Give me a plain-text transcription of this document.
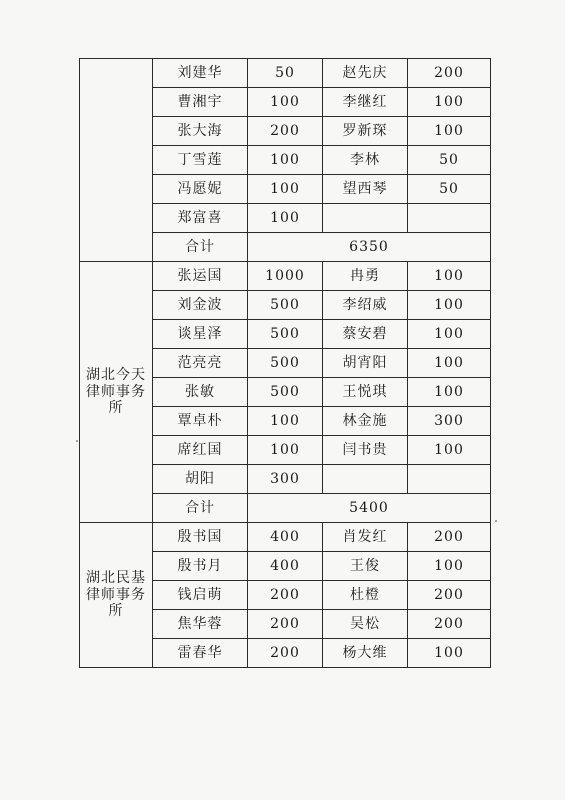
	刘建华	50	赵先庆	200
	曹湘宇	100	李继红	100
	张大海	200	罗新琛	100
	丁雪莲	100	李林	50
	冯愿妮	100	望西琴	50
	郑富喜	100		
	合计	6350		
湖北今天律师事务所	张运国	1000	冉勇	100
	刘金波	500	李绍威	100
	谈星泽	500	蔡安碧	100
	范亮亮	500	胡宵阳	100
	张敏	500	王悦琪	100
	覃卓朴	100	林金施	300
	席红国	100	闫书贵	100
	胡阳	300		
	合计	5400		
湖北民基律师事务所	殷书国	400	肖发红	200
	殷书月	400	王俊	100
	钱启萌	200	杜橙	200
	焦华蓉	200	吴松	200
	雷春华	200	杨大维	100
